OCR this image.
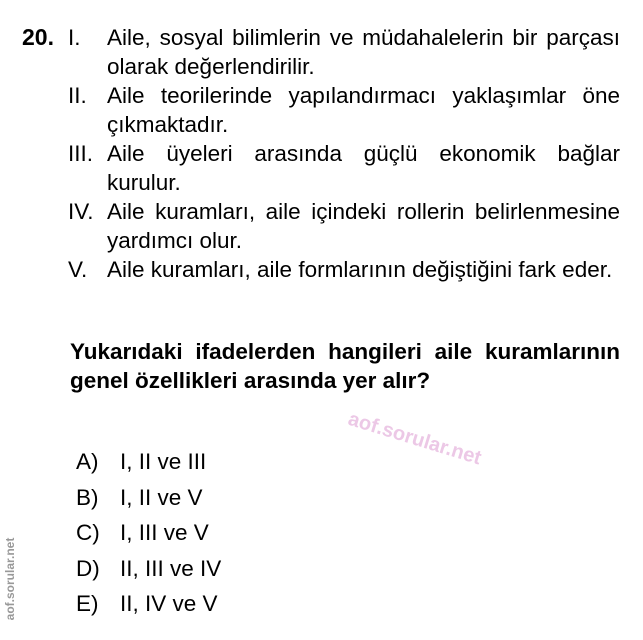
20. I.	Aile, sosyal bilimlerin ve müdahalelerin bir parçası olarak değerlendirilir.
II. Aile teorilerinde yapılandırmacı yaklaşımlar öne çıkmaktadır.
III. Aile üyeleri arasında güçlü ekonomik bağlar kurulur.
IV. Aile kuramları, aile içindeki rollerin belirlenmesine yardımcı olur.
V. Aile kuramları, aile formlarının değiştiğini fark eder.
Yukarıdaki ifadelerden hangileri aile kuramlarının genel özellikleri arasında yer alır?
aof.sorular.net
A) I, II ve III
B) I, II ve V
C) I, III ve V
D) II, III ve IV
E) II, IV ve V
aof.sorular.net
